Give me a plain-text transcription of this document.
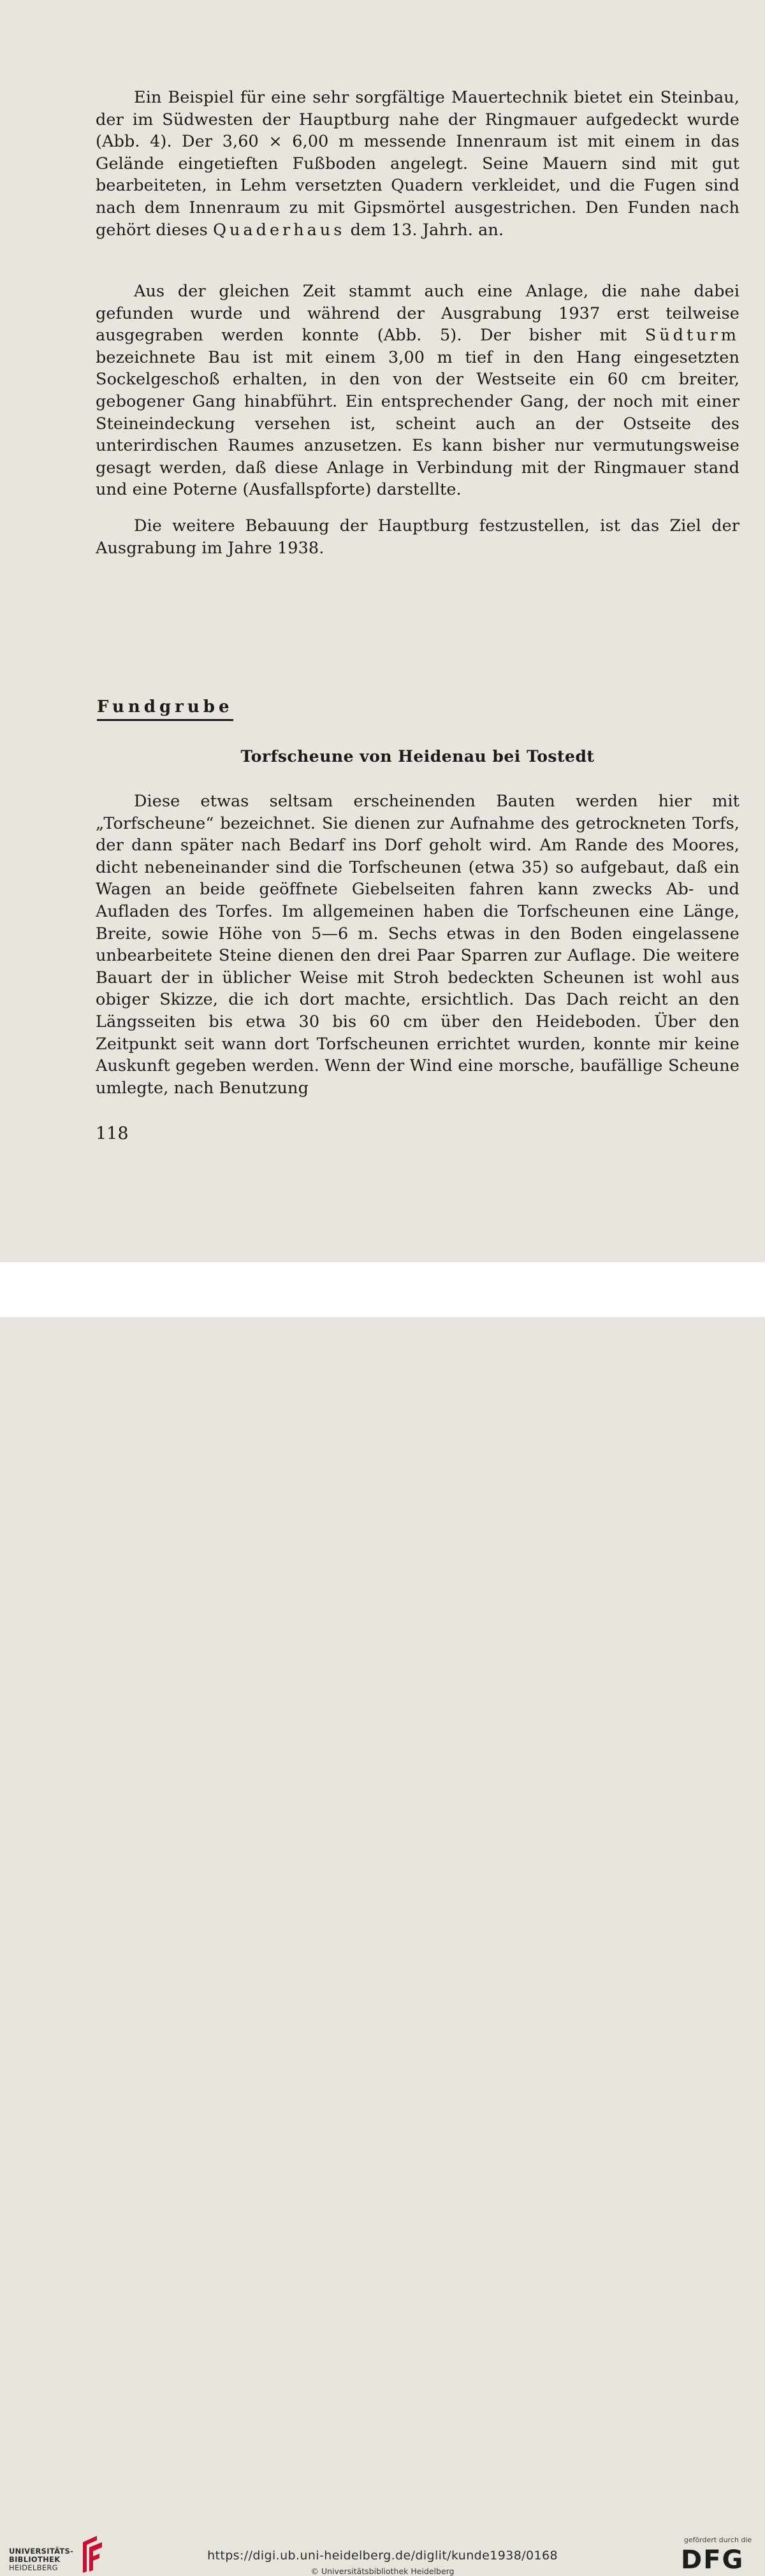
Ein Beispiel für eine sehr sorgfältige Mauertechnik bietet ein Steinbau, der im Südwesten der Hauptburg nahe der Ringmauer aufgedeckt wurde (Abb. 4). Der 3,60 × 6,00 m messende Innenraum ist mit einem in das Gelände eingetieften Fußboden angelegt. Seine Mauern sind mit gut bearbeiteten, in Lehm versetzten Quadern verkleidet, und die Fugen sind nach dem Innenraum zu mit Gipsmörtel ausgestrichen. Den Funden nach gehört dieses Quaderhaus dem 13. Jahrh. an.

Aus der gleichen Zeit stammt auch eine Anlage, die nahe dabei gefunden wurde und während der Ausgrabung 1937 erst teilweise ausgegraben werden konnte (Abb. 5). Der bisher mit Südturm bezeichnete Bau ist mit einem 3,00 m tief in den Hang eingesetzten Sockelgeschoß erhalten, in den von der Westseite ein 60 cm breiter, gebogener Gang hinabführt. Ein entsprechender Gang, der noch mit einer Steineindeckung versehen ist, scheint auch an der Ostseite des unterirdischen Raumes anzusetzen. Es kann bisher nur vermutungsweise gesagt werden, daß diese Anlage in Verbindung mit der Ringmauer stand und eine Poterne (Ausfallspforte) darstellte.

Die weitere Bebauung der Hauptburg festzustellen, ist das Ziel der Ausgrabung im Jahre 1938.

Fundgrube
Torfscheune von Heidenau bei Tostedt

Diese etwas seltsam erscheinenden Bauten werden hier mit „Torfscheune“ bezeichnet. Sie dienen zur Aufnahme des getrockneten Torfs, der dann später nach Bedarf ins Dorf geholt wird. Am Rande des Moores, dicht nebeneinander sind die Torfscheunen (etwa 35) so aufgebaut, daß ein Wagen an beide geöffnete Giebelseiten fahren kann zwecks Ab- und Aufladen des Torfes. Im allgemeinen haben die Torfscheunen eine Länge, Breite, sowie Höhe von 5—6 m. Sechs etwas in den Boden eingelassene unbearbeitete Steine dienen den drei Paar Sparren zur Auflage. Die weitere Bauart der in üblicher Weise mit Stroh bedeckten Scheunen ist wohl aus obiger Skizze, die ich dort machte, ersichtlich. Das Dach reicht an den Längsseiten bis etwa 30 bis 60 cm über den Heideboden. Über den Zeitpunkt seit wann dort Torfscheunen errichtet wurden, konnte mir keine Auskunft gegeben werden. Wenn der Wind eine morsche, baufällige Scheune umlegte, nach Benutzung

118
UNIVERSITÄTS-
BIBLIOTHEK
HEIDELBERG
https://digi.ub.uni-heidelberg.de/diglit/kunde1938/0168
© Universitätsbibliothek Heidelberg
gefördert durch die
DFG
